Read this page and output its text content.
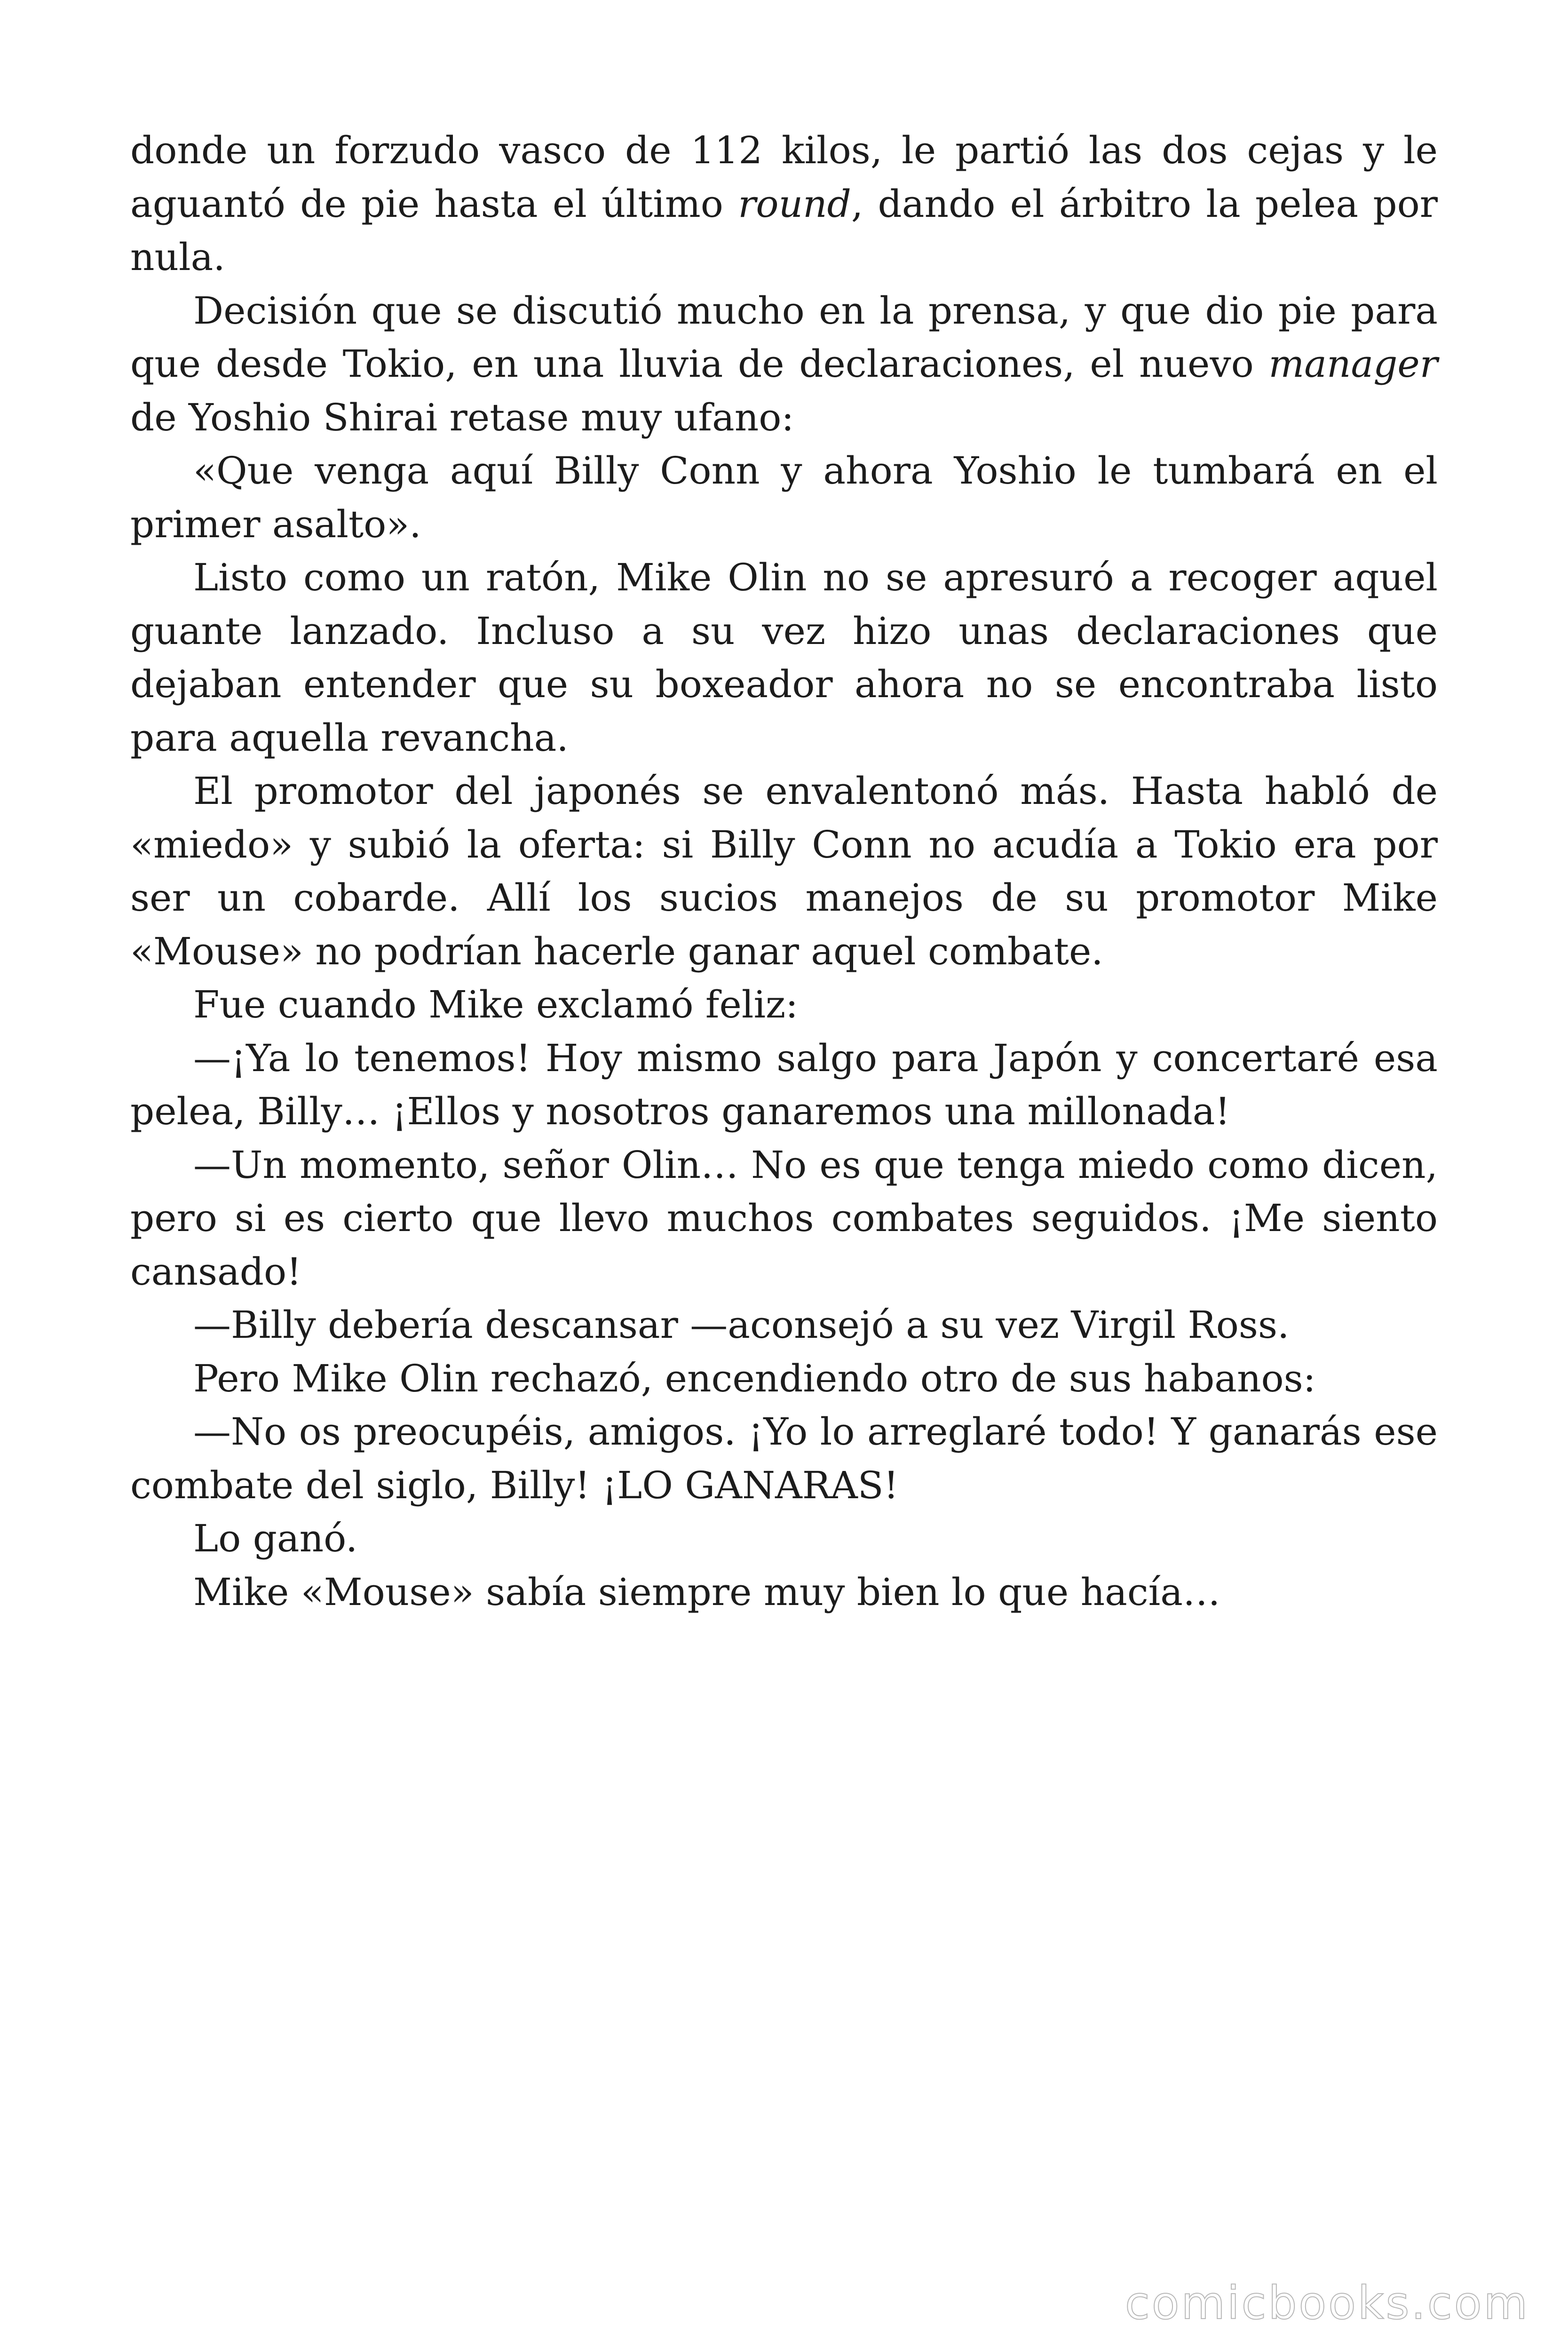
donde un forzudo vasco de 112 kilos, le partió las dos cejas y le aguantó de pie hasta el último round, dando el árbitro la pelea por nula.

Decisión que se discutió mucho en la prensa, y que dio pie para que desde Tokio, en una lluvia de declaraciones, el nuevo manager de Yoshio Shirai retase muy ufano:

«Que venga aquí Billy Conn y ahora Yoshio le tumbará en el primer asalto».

Listo como un ratón, Mike Olin no se apresuró a recoger aquel guante lanzado. Incluso a su vez hizo unas declaraciones que dejaban entender que su boxeador ahora no se encontraba listo para aquella revancha.

El promotor del japonés se envalentonó más. Hasta habló de «miedo» y subió la oferta: si Billy Conn no acudía a Tokio era por ser un cobarde. Allí los sucios manejos de su promotor Mike «Mouse» no podrían hacerle ganar aquel combate.

Fue cuando Mike exclamó feliz:

—¡Ya lo tenemos! Hoy mismo salgo para Japón y concertaré esa pelea, Billy… ¡Ellos y nosotros ganaremos una millonada!

—Un momento, señor Olin… No es que tenga miedo como dicen, pero si es cierto que llevo muchos combates seguidos. ¡Me siento cansado!

—Billy debería descansar —aconsejó a su vez Virgil Ross.

Pero Mike Olin rechazó, encendiendo otro de sus habanos:

—No os preocupéis, amigos. ¡Yo lo arreglaré todo! Y ganarás ese combate del siglo, Billy! ¡LO GANARAS!

Lo ganó.

Mike «Mouse» sabía siempre muy bien lo que hacía…

comicbooks.com
